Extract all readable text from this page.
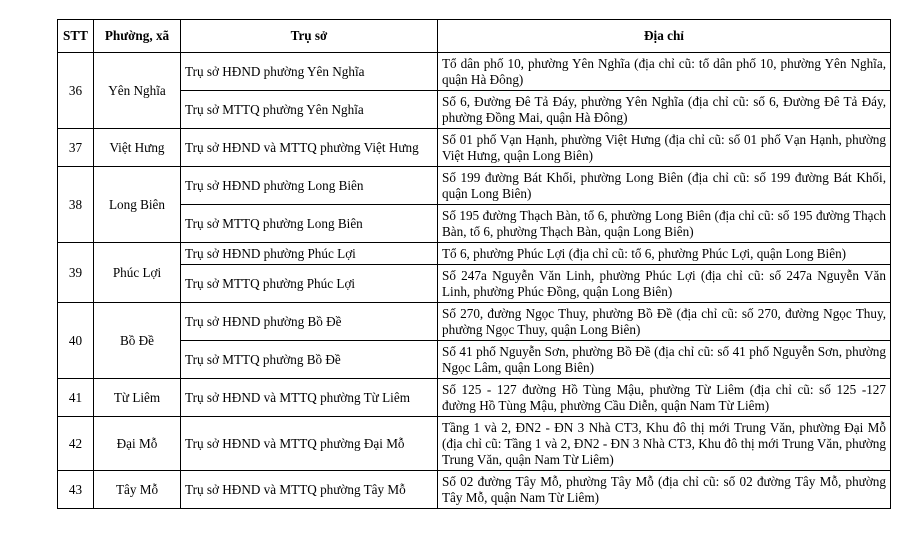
STT	Phường, xã	Trụ sở	Địa chỉ
36	Yên Nghĩa	Trụ sở HĐND phường Yên Nghĩa	Tổ dân phố 10, phường Yên Nghĩa (địa chỉ cũ: tổ dân phố 10, phường Yên Nghĩa, quận Hà Đông)
		Trụ sở MTTQ phường Yên Nghĩa	Số 6, Đường Đê Tả Đáy, phường Yên Nghĩa (địa chỉ cũ: số 6, Đường Đê Tả Đáy, phường Đồng Mai, quận Hà Đông)
37	Việt Hưng	Trụ sở HĐND và MTTQ phường Việt Hưng	Số 01 phố Vạn Hạnh, phường Việt Hưng (địa chỉ cũ: số 01 phố Vạn Hạnh, phường Việt Hưng, quận Long Biên)
38	Long Biên	Trụ sở HĐND phường Long Biên	Số 199 đường Bát Khối, phường Long Biên (địa chỉ cũ: số 199 đường Bát Khối, quận Long Biên)
		Trụ sở MTTQ phường Long Biên	Số 195 đường Thạch Bàn, tổ 6, phường Long Biên (địa chỉ cũ: số 195 đường Thạch Bàn, tổ 6, phường Thạch Bàn, quận Long Biên)
39	Phúc Lợi	Trụ sở HĐND phường Phúc Lợi	Tổ 6, phường Phúc Lợi (địa chỉ cũ: tổ 6, phường Phúc Lợi, quận Long Biên)
		Trụ sở MTTQ phường Phúc Lợi	Số 247a Nguyễn Văn Linh, phường Phúc Lợi (địa chỉ cũ: số 247a Nguyễn Văn Linh, phường Phúc Đồng, quận Long Biên)
40	Bồ Đề	Trụ sở HĐND phường Bồ Đề	Số 270, đường Ngọc Thuy, phường Bồ Đề (địa chỉ cũ: số 270, đường Ngọc Thuy, phường Ngọc Thuy, quận Long Biên)
		Trụ sở MTTQ phường Bồ Đề	Số 41 phố Nguyễn Sơn, phường Bồ Đề (địa chỉ cũ: số 41 phố Nguyễn Sơn, phường Ngọc Lâm, quận Long Biên)
41	Từ Liêm	Trụ sở HĐND và MTTQ phường Từ Liêm	Số 125 - 127 đường Hồ Tùng Mậu, phường Từ Liêm (địa chỉ cũ: số 125 -127 đường Hồ Tùng Mậu, phường Cầu Diễn, quận Nam Từ Liêm)
42	Đại Mỗ	Trụ sở HĐND và MTTQ phường Đại Mỗ	Tầng 1 và 2, ĐN2 - ĐN 3 Nhà CT3, Khu đô thị mới Trung Văn, phường Đại Mỗ (địa chỉ cũ: Tầng 1 và 2, ĐN2 - ĐN 3 Nhà CT3, Khu đô thị mới Trung Văn, phường Trung Văn, quận Nam Từ Liêm)
43	Tây Mỗ	Trụ sở HĐND và MTTQ phường Tây Mỗ	Số 02 đường Tây Mỗ, phường Tây Mỗ (địa chỉ cũ: số 02 đường Tây Mỗ, phường Tây Mỗ, quận Nam Từ Liêm)
